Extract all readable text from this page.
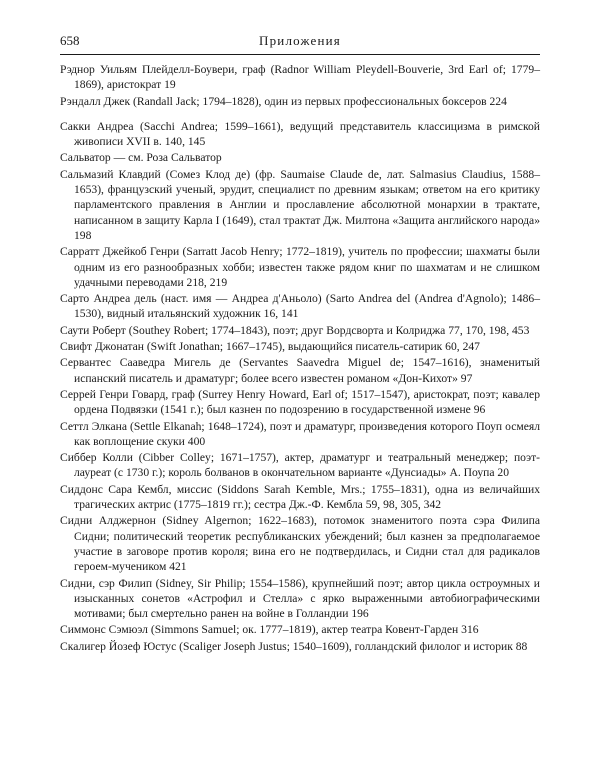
658	Приложения

Рэднор Уильям Плейделл-Боувери, граф (Radnor William Pleydell-Bouverie, 3rd Earl of; 1779–1869), аристократ 19

Рэндалл Джек (Randall Jack; 1794–1828), один из первых профессиональных боксеров 224

Сакки Андреа (Sacchi Andrea; 1599–1661), ведущий представитель классицизма в римской живописи XVII в. 140, 145

Сальватор — см. Роза Сальватор

Сальмазий Клавдий (Сомез Клод де) (фр. Saumaise Claude de, лат. Salmasius Claudius, 1588–1653), французский ученый, эрудит, специалист по древним языкам; ответом на его критику парламентского правления в Англии и прославление абсолютной монархии в трактате, написанном в защиту Карла I (1649), стал трактат Дж. Милтона «Защита английского народа» 198

Сарратт Джейкоб Генри (Sarratt Jacob Henry; 1772–1819), учитель по профессии; шахматы были одним из его разнообразных хобби; известен также рядом книг по шахматам и не слишком удачными переводами 218, 219

Сарто Андреа дель (наст. имя — Андреа д'Аньоло) (Sarto Andrea del (Andrea d'Agnolo); 1486–1530), видный итальянский художник 16, 141

Саути Роберт (Southey Robert; 1774–1843), поэт; друг Вордсворта и Колриджа 77, 170, 198, 453

Свифт Джонатан (Swift Jonathan; 1667–1745), выдающийся писатель-сатирик 60, 247

Сервантес Сааведра Мигель де (Servantes Saavedra Miguel de; 1547–1616), знаменитый испанский писатель и драматург; более всего известен романом «Дон-Кихот» 97

Серрей Генри Говард, граф (Surrey Henry Howard, Earl of; 1517–1547), аристократ, поэт; кавалер ордена Подвязки (1541 г.); был казнен по подозрению в государственной измене 96

Сеттл Элкана (Settle Elkanah; 1648–1724), поэт и драматург, произведения которого Поуп осмеял как воплощение скуки 400

Сиббер Колли (Cibber Colley; 1671–1757), актер, драматург и театральный менеджер; поэт-лауреат (с 1730 г.); король болванов в окончательном варианте «Дунсиады» А. Поупа 20

Сиддонс Сара Кембл, миссис (Siddons Sarah Kemble, Mrs.; 1755–1831), одна из величайших трагических актрис (1775–1819 гг.); сестра Дж.-Ф. Кембла 59, 98, 305, 342

Сидни Алджернон (Sidney Algernon; 1622–1683), потомок знаменитого поэта сэра Филипа Сидни; политический теоретик республиканских убеждений; был казнен за предполагаемое участие в заговоре против короля; вина его не подтвердилась, и Сидни стал для радикалов героем-мучеником 421

Сидни, сэр Филип (Sidney, Sir Philip; 1554–1586), крупнейший поэт; автор цикла остроумных и изысканных сонетов «Астрофил и Стелла» с ярко выраженными автобиографическими мотивами; был смертельно ранен на войне в Голландии 196

Симмонс Сэмюэл (Simmons Samuel; ок. 1777–1819), актер театра Ковент-Гарден 316

Скалигер Йозеф Юстус (Scaliger Joseph Justus; 1540–1609), голландский филолог и историк 88
